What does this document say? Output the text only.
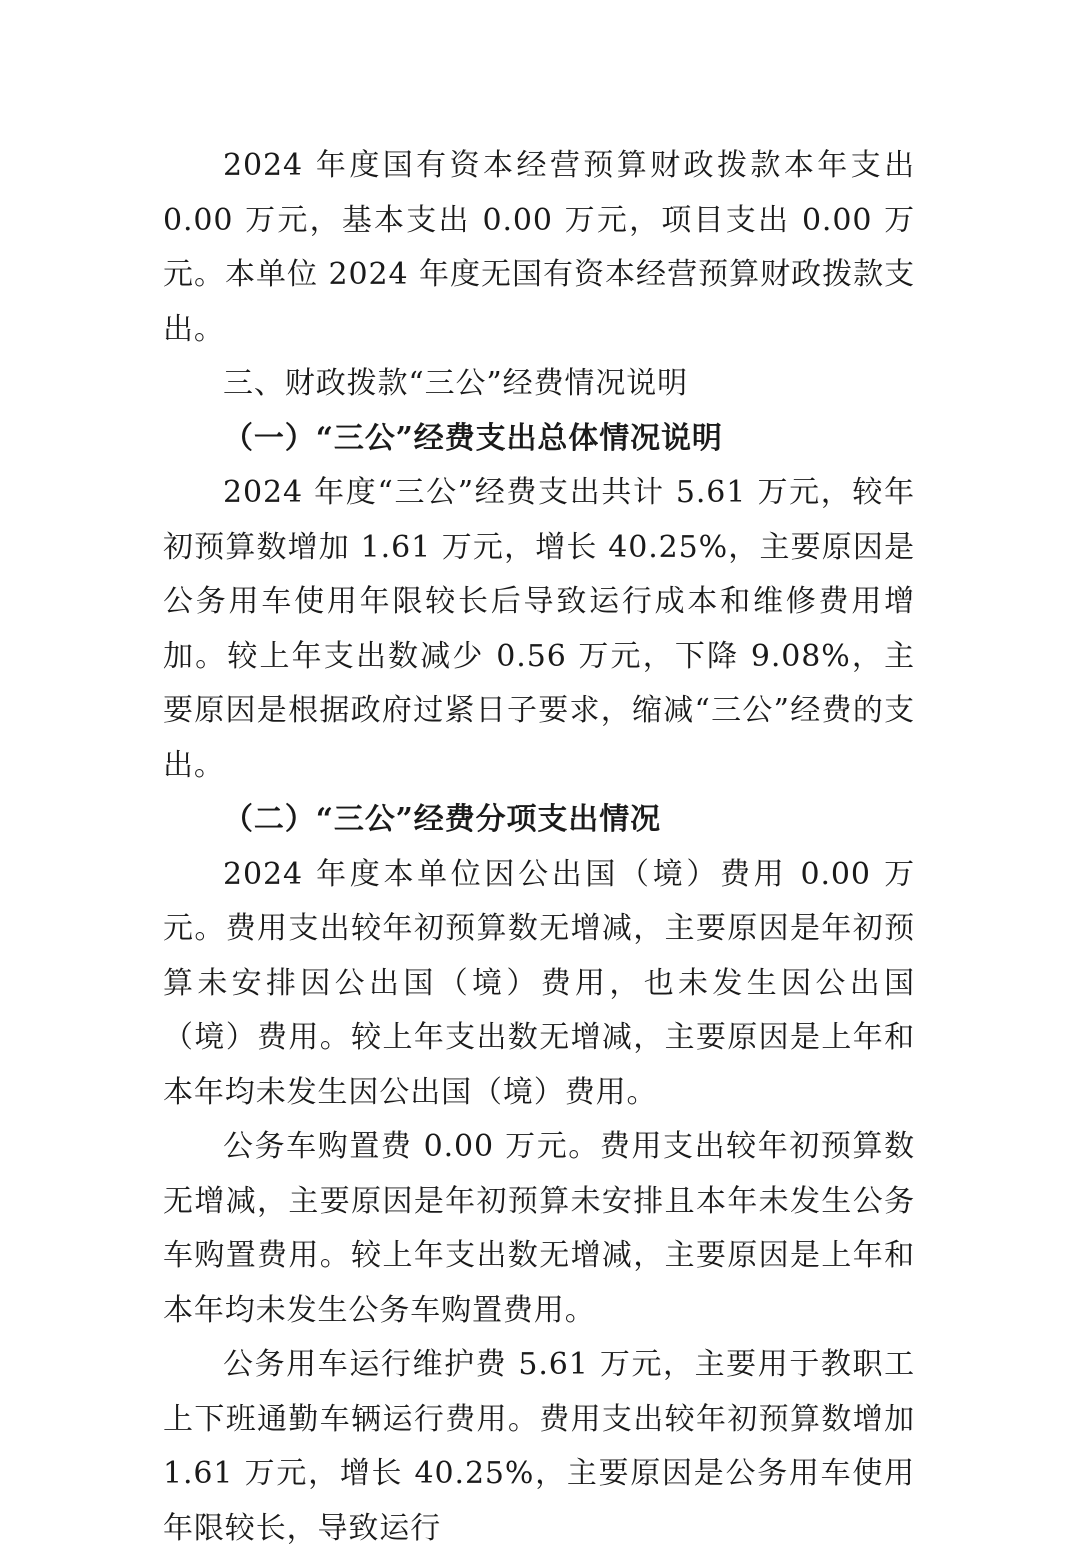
2024 年度国有资本经营预算财政拨款本年支出 0.00 万元，基本支出 0.00 万元，项目支出 0.00 万元。本单位 2024 年度无国有资本经营预算财政拨款支出。

三、财政拨款“三公”经费情况说明

（一）“三公”经费支出总体情况说明

2024 年度“三公”经费支出共计 5.61 万元，较年初预算数增加 1.61 万元，增长 40.25%，主要原因是公务用车使用年限较长后导致运行成本和维修费用增加。较上年支出数减少 0.56 万元，下降 9.08%，主要原因是根据政府过紧日子要求，缩减“三公”经费的支出。

（二）“三公”经费分项支出情况

2024 年度本单位因公出国（境）费用 0.00 万元。费用支出较年初预算数无增减，主要原因是年初预算未安排因公出国（境）费用，也未发生因公出国（境）费用。较上年支出数无增减，主要原因是上年和本年均未发生因公出国（境）费用。

公务车购置费 0.00 万元。费用支出较年初预算数无增减，主要原因是年初预算未安排且本年未发生公务车购置费用。较上年支出数无增减，主要原因是上年和本年均未发生公务车购置费用。

公务用车运行维护费 5.61 万元，主要用于教职工上下班通勤车辆运行费用。费用支出较年初预算数增加 1.61 万元，增长 40.25%，主要原因是公务用车使用年限较长，导致运行
